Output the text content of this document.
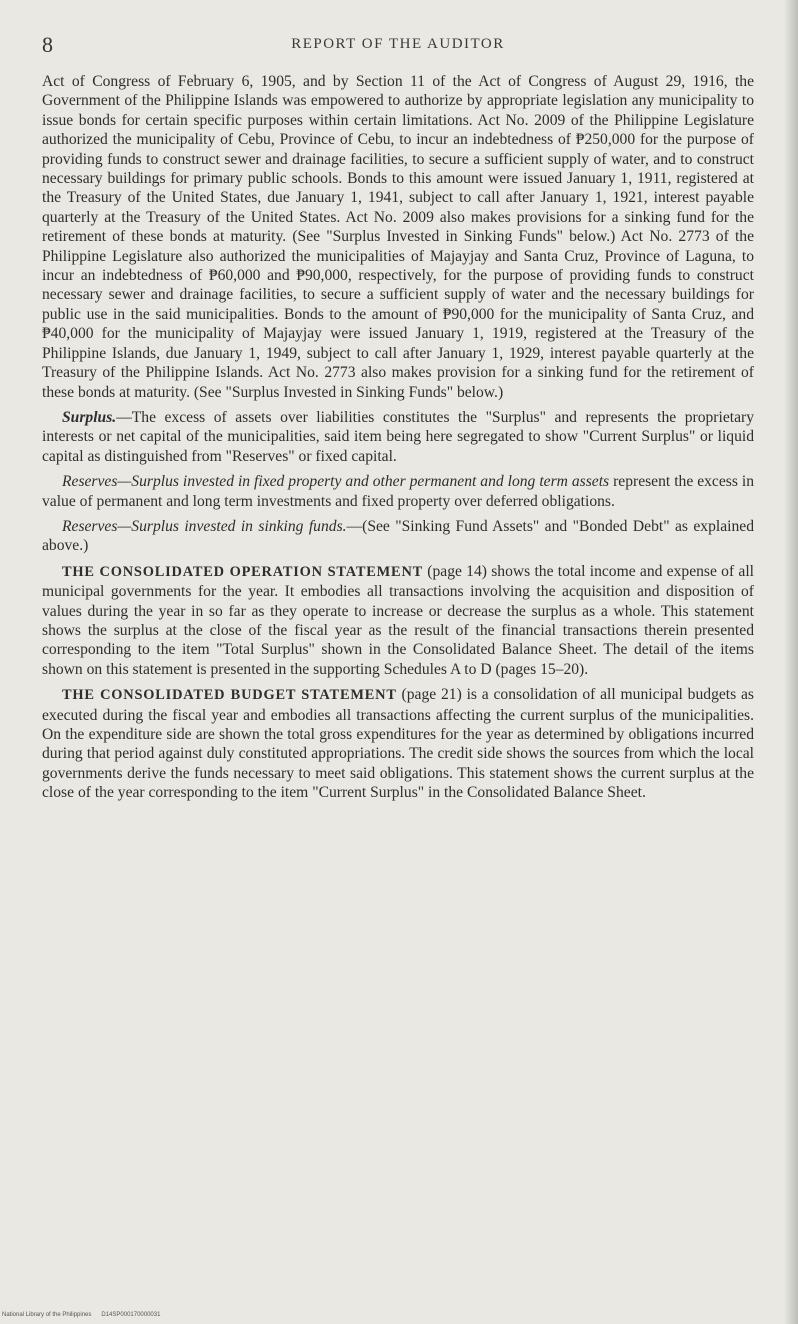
8	REPORT OF THE AUDITOR

Act of Congress of February 6, 1905, and by Section 11 of the Act of Congress of August 29, 1916, the Government of the Philippine Islands was empowered to authorize by appropriate legislation any municipality to issue bonds for certain specific purposes within certain limitations. Act No. 2009 of the Philippine Legislature authorized the municipality of Cebu, Province of Cebu, to incur an indebtedness of ₱250,000 for the purpose of providing funds to construct sewer and drainage facilities, to secure a sufficient supply of water, and to construct necessary buildings for primary public schools. Bonds to this amount were issued January 1, 1911, registered at the Treasury of the United States, due January 1, 1941, subject to call after January 1, 1921, interest payable quarterly at the Treasury of the United States. Act No. 2009 also makes provisions for a sinking fund for the retirement of these bonds at maturity. (See "Surplus Invested in Sinking Funds" below.) Act No. 2773 of the Philippine Legislature also authorized the municipalities of Majayjay and Santa Cruz, Province of Laguna, to incur an indebtedness of ₱60,000 and ₱90,000, respectively, for the purpose of providing funds to construct necessary sewer and drainage facilities, to secure a sufficient supply of water and the necessary buildings for public use in the said municipalities. Bonds to the amount of ₱90,000 for the municipality of Santa Cruz, and ₱40,000 for the municipality of Majayjay were issued January 1, 1919, registered at the Treasury of the Philippine Islands, due January 1, 1949, subject to call after January 1, 1929, interest payable quarterly at the Treasury of the Philippine Islands. Act No. 2773 also makes provision for a sinking fund for the retirement of these bonds at maturity. (See "Surplus Invested in Sinking Funds" below.)

Surplus.—The excess of assets over liabilities constitutes the "Surplus" and represents the proprietary interests or net capital of the municipalities, said item being here segregated to show "Current Surplus" or liquid capital as distinguished from "Reserves" or fixed capital.

Reserves—Surplus invested in fixed property and other permanent and long term assets represent the excess in value of permanent and long term investments and fixed property over deferred obligations.

Reserves—Surplus invested in sinking funds.—(See "Sinking Fund Assets" and "Bonded Debt" as explained above.)

THE CONSOLIDATED OPERATION STATEMENT (page 14) shows the total income and expense of all municipal governments for the year. It embodies all transactions involving the acquisition and disposition of values during the year in so far as they operate to increase or decrease the surplus as a whole. This statement shows the surplus at the close of the fiscal year as the result of the financial transactions therein presented corresponding to the item "Total Surplus" shown in the Consolidated Balance Sheet. The detail of the items shown on this statement is presented in the supporting Schedules A to D (pages 15–20).

THE CONSOLIDATED BUDGET STATEMENT (page 21) is a consolidation of all municipal budgets as executed during the fiscal year and embodies all transactions affecting the current surplus of the municipalities. On the expenditure side are shown the total gross expenditures for the year as determined by obligations incurred during that period against duly constituted appropriations. The credit side shows the sources from which the local governments derive the funds necessary to meet said obligations. This statement shows the current surplus at the close of the year corresponding to the item "Current Surplus" in the Consolidated Balance Sheet.

National Library of the Philippines D14SP000170000031
